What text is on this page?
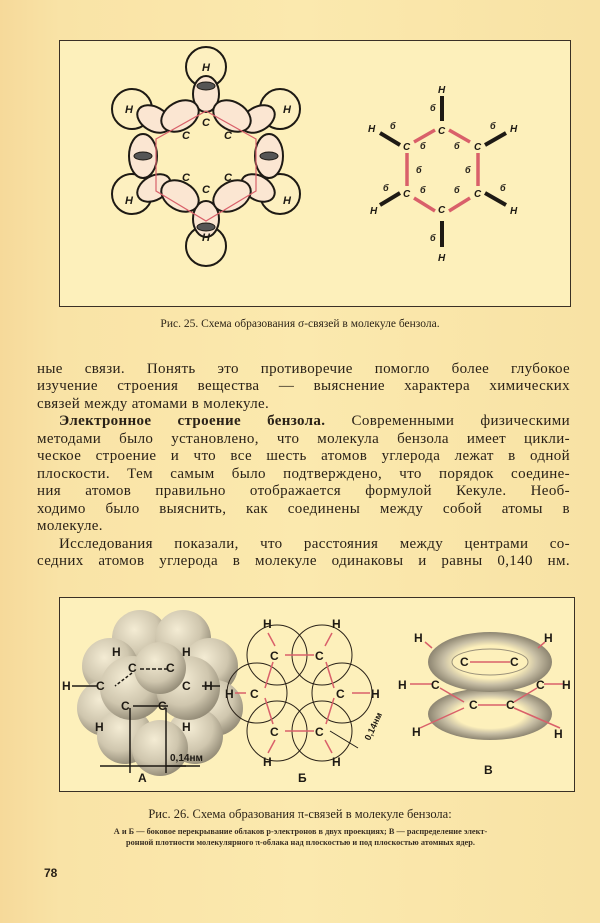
H
H
H	H
H	H
C
C	C
C	C
C
H
H
H	H
H	H
C
C	C
C	C
C
б
б
б	б
б	б
б	б
б	б
б	б
Рис. 25. Схема образования σ-связей в молекуле бензола.
ные связи. Понять это противоречие помогло более глубокое
изучение строения вещества — выяснение характера химических
связей между атомами в молекуле.
Электронное строение бензола. Современными физическими
методами было установлено, что молекула бензола имеет цикли-
ческое строение и что все шесть атомов углерода лежат в одной
плоскости. Тем самым было подтверждено, что порядок соедине-
ния атомов правильно отображается формулой Кекуле. Необ-
ходимо было выяснить, как соединены между собой атомы в
молекуле.
Исследования показали, что расстояния между центрами со-
седних атомов углерода в молекуле одинаковы и равны 0,140 нм.
H C
C C
C H
C C
H	H
H	H
А
0,14нм
C	C
C	C
C	C
H	H
H	H
H	H
Б
0,14нм
C	C
C	C
C C
H	H
H	H
H	H
В
Рис. 26. Схема образования π-связей в молекуле бензола:
А и Б — боковое перекрывание облаков p-электронов в двух проекциях; В — распределение элект-
ронной плотности молекулярного π-облака над плоскостью и под плоскостью атомных ядер.
78
